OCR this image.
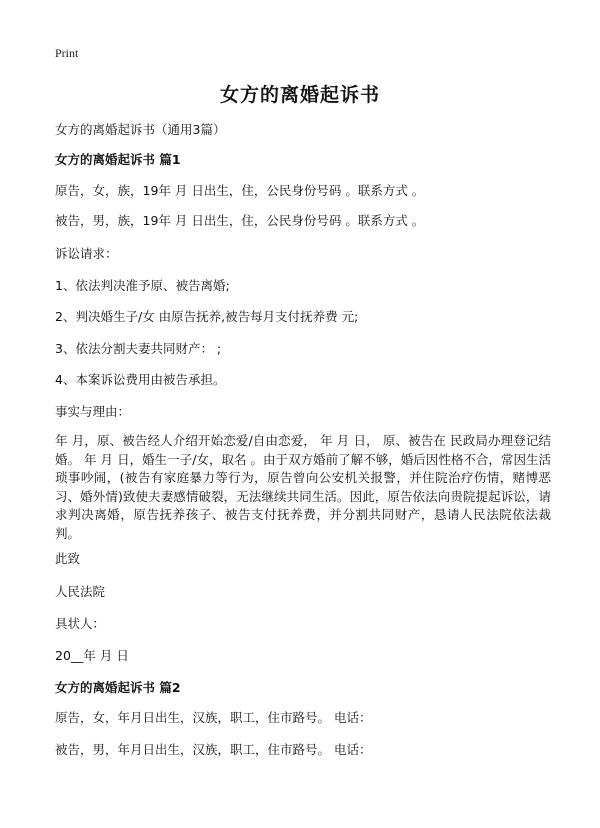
Print
女方的离婚起诉书
女方的离婚起诉书（通用3篇）
女方的离婚起诉书 篇1
原告，女，族，19年 月 日出生，住，公民身份号码 。联系方式 。
被告，男，族，19年 月 日出生，住，公民身份号码 。联系方式 。
诉讼请求：
1、依法判决准予原、被告离婚;
2、判决婚生子/女 由原告抚养,被告每月支付抚养费 元;
3、依法分割夫妻共同财产： ;
4、本案诉讼费用由被告承担。
事实与理由：
年 月，原、被告经人介绍开始恋爱/自由恋爱， 年 月 日， 原、被告在 民政局办理登记结婚。 年 月 日，婚生一子/女，取名 。由于双方婚前了解不够，婚后因性格不合，常因生活琐事吵闹，(被告有家庭暴力等行为，原告曾向公安机关报警，并住院治疗伤情，赌博恶习、婚外情)致使夫妻感情破裂，无法继续共同生活。因此，原告依法向贵院提起诉讼，请求判决离婚，原告抚养孩子、被告支付抚养费，并分割共同财产，恳请人民法院依法裁判。
此致
人民法院
具状人：
20__年 月 日
女方的离婚起诉书 篇2
原告，女，年月日出生，汉族，职工，住市路号。 电话：
被告，男，年月日出生，汉族，职工，住市路号。 电话：
